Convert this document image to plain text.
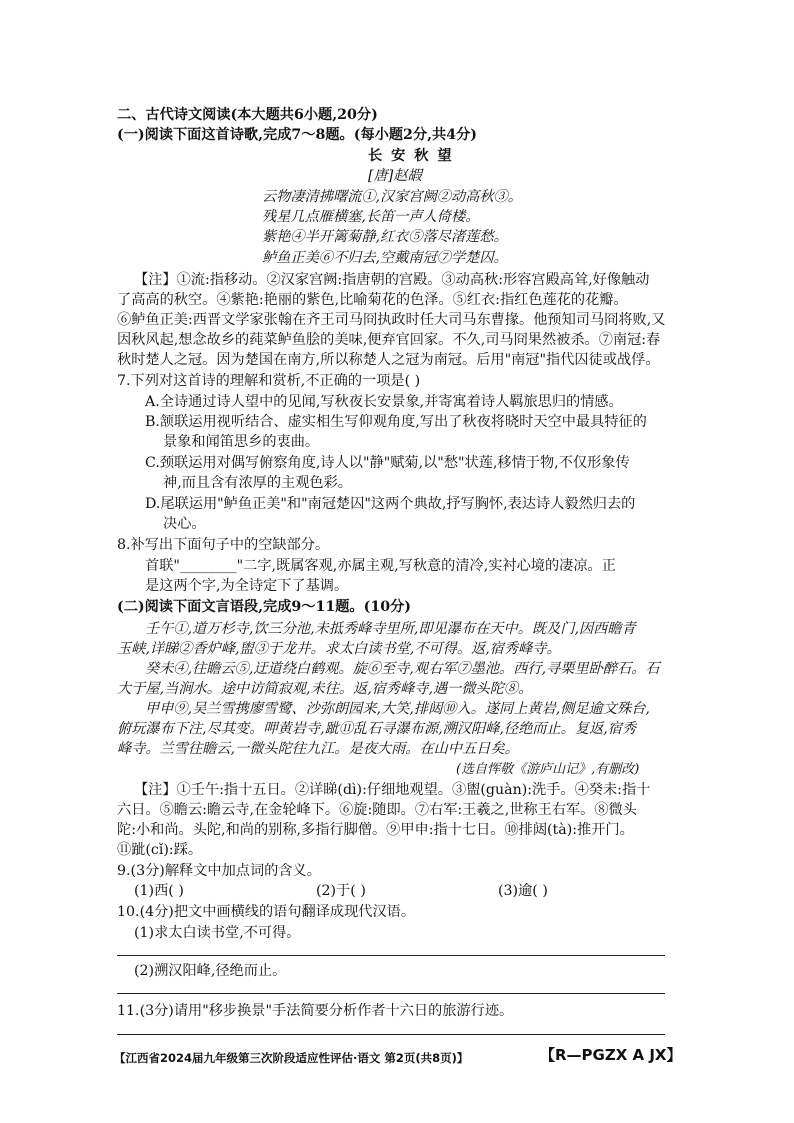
二、古代诗文阅读(本大题共6小题,20分)
(一)阅读下面这首诗歌,完成7～8题。(每小题2分,共4分)
长 安 秋 望
[唐]赵嘏
云物凄清拂曙流①,汉家宫阙②动高秋③。
残星几点雁横塞,长笛一声人倚楼。
紫艳④半开篱菊静,红衣⑤落尽渚莲愁。
鲈鱼正美⑥不归去,空戴南冠⑦学楚囚。
【注】①流:指移动。②汉家宫阙:指唐朝的宫殿。③动高秋:形容宫殿高耸,好像触动
了高高的秋空。④紫艳:艳丽的紫色,比喻菊花的色泽。⑤红衣:指红色莲花的花瓣。
⑥鲈鱼正美:西晋文学家张翰在齐王司马冏执政时任大司马东曹掾。他预知司马冏将败,又
因秋风起,想念故乡的莼菜鲈鱼脍的美味,便弃官回家。不久,司马冏果然被杀。⑦南冠:春
秋时楚人之冠。因为楚国在南方,所以称楚人之冠为南冠。后用"南冠"指代囚徒或战俘。
7.下列对这首诗的理解和赏析,不正确的一项是( )
A.全诗通过诗人望中的见闻,写秋夜长安景象,并寄寓着诗人羁旅思归的情感。
B.颔联运用视听结合、虚实相生写仰观角度,写出了秋夜将晓时天空中最具特征的
景象和闻笛思乡的衷曲。
C.颈联运用对偶写俯察角度,诗人以"静"赋菊,以"愁"状莲,移情于物,不仅形象传
神,而且含有浓厚的主观色彩。
D.尾联运用"鲈鱼正美"和"南冠楚囚"这两个典故,抒写胸怀,表达诗人毅然归去的
决心。
8.补写出下面句子中的空缺部分。
首联"________"二字,既属客观,亦属主观,写秋意的清冷,实衬心境的凄凉。正
是这两个字,为全诗定下了基调。
(二)阅读下面文言语段,完成9～11题。(10分)
壬午①,道万杉寺,饮三分池,未抵秀峰寺里所,即见瀑布在天中。既及门,因西瞻青
玉峡,详睇②香炉峰,盥③于龙井。求太白读书堂,不可得。返,宿秀峰寺。
癸未④,往瞻云⑤,迂道绕白鹤观。旋⑥至寺,观右军⑦墨池。西行,寻栗里卧醉石。石
大于屋,当涧水。途中访简寂观,未往。返,宿秀峰寺,遇一微头陀⑧。
甲申⑨,吴兰雪携廖雪鹭、沙弥朗园来,大笑,排闼⑩入。遂同上黄岩,侧足逾文殊台,
俯玩瀑布下注,尽其变。呷黄岩寺,跐⑪乱石寻瀑布源,溯汉阳峰,径绝而止。复返,宿秀
峰寺。兰雪往瞻云,一微头陀往九江。是夜大雨。在山中五日矣。
(选自恽敬《游庐山记》,有删改)
【注】①壬午:指十五日。②详睇(dì):仔细地观望。③盥(guàn):洗手。④癸未:指十
六日。⑤瞻云:瞻云寺,在金轮峰下。⑥旋:随即。⑦右军:王羲之,世称王右军。⑧微头
陀:小和尚。头陀,和尚的别称,多指行脚僧。⑨甲申:指十七日。⑩排闼(tà):推开门。
⑪跐(cǐ):踩。
9.(3分)解释文中加点词的含义。
(1)西( )	(2)于( )	(3)逾( )
10.(4分)把文中画横线的语句翻译成现代汉语。
(1)求太白读书堂,不可得。
(2)溯汉阳峰,径绝而止。
11.(3分)请用"移步换景"手法简要分析作者十六日的旅游行迹。
【江西省2024届九年级第三次阶段适应性评估·语文 第2页(共8页)】	【R—PGZX A JX】
